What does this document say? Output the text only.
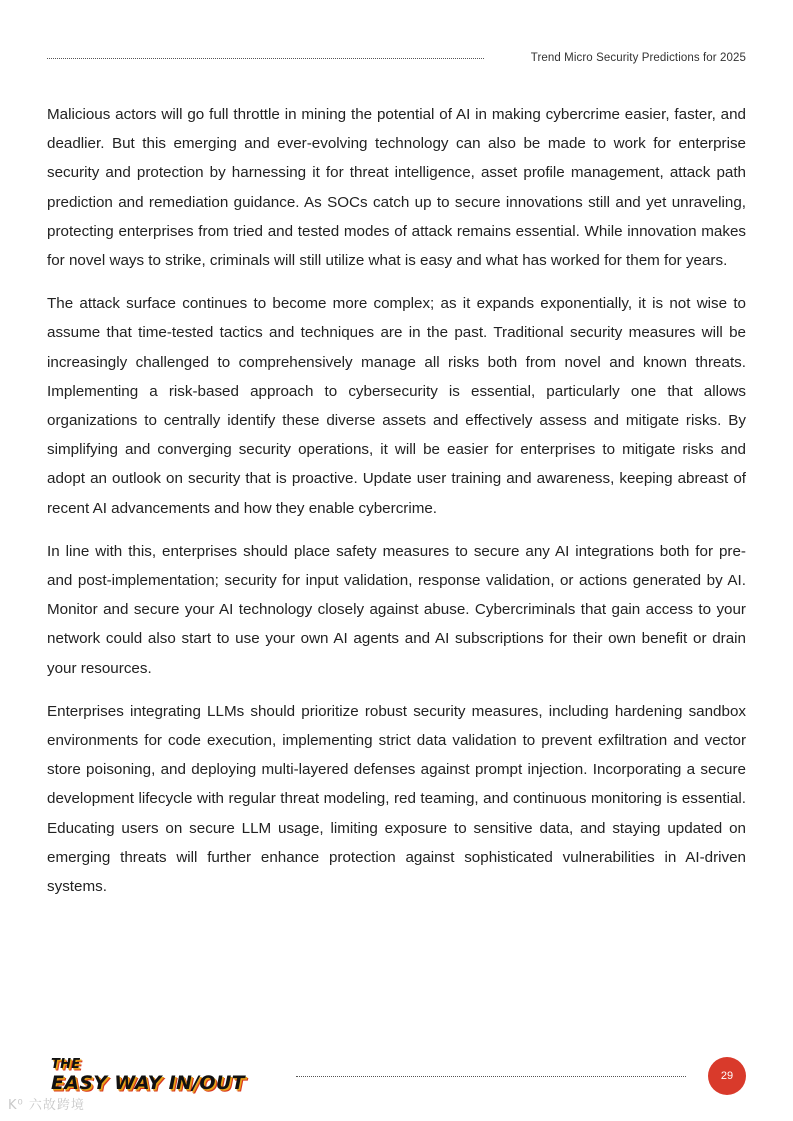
Trend Micro Security Predictions for 2025

Malicious actors will go full throttle in mining the potential of AI in making cybercrime easier, faster, and deadlier. But this emerging and ever-evolving technology can also be made to work for enterprise security and protection by harnessing it for threat intelligence, asset profile management, attack path prediction and remediation guidance. As SOCs catch up to secure innovations still and yet unraveling, protecting enterprises from tried and tested modes of attack remains essential. While innovation makes for novel ways to strike, criminals will still utilize what is easy and what has worked for them for years.

The attack surface continues to become more complex; as it expands exponentially, it is not wise to assume that time-tested tactics and techniques are in the past. Traditional security measures will be increasingly challenged to comprehensively manage all risks both from novel and known threats. Implementing a risk-based approach to cybersecurity is essential, particularly one that allows organizations to centrally identify these diverse assets and effectively assess and mitigate risks. By simplifying and converging security operations, it will be easier for enterprises to mitigate risks and adopt an outlook on security that is proactive. Update user training and awareness, keeping abreast of recent AI advancements and how they enable cybercrime.

In line with this, enterprises should place safety measures to secure any AI integrations both for pre- and post-implementation; security for input validation, response validation, or actions generated by AI. Monitor and secure your AI technology closely against abuse. Cybercriminals that gain access to your network could also start to use your own AI agents and AI subscriptions for their own benefit or drain your resources.

Enterprises integrating LLMs should prioritize robust security measures, including hardening sandbox environments for code execution, implementing strict data validation to prevent exfiltration and vector store poisoning, and deploying multi-layered defenses against prompt injection. Incorporating a secure development lifecycle with regular threat modeling, red teaming, and continuous monitoring is essential. Educating users on secure LLM usage, limiting exposure to sensitive data, and staying updated on emerging threats will further enhance protection against sophisticated vulnerabilities in AI-driven systems.

THE
EASY WAY IN/OUT	29
K⁰ 六故跨境
